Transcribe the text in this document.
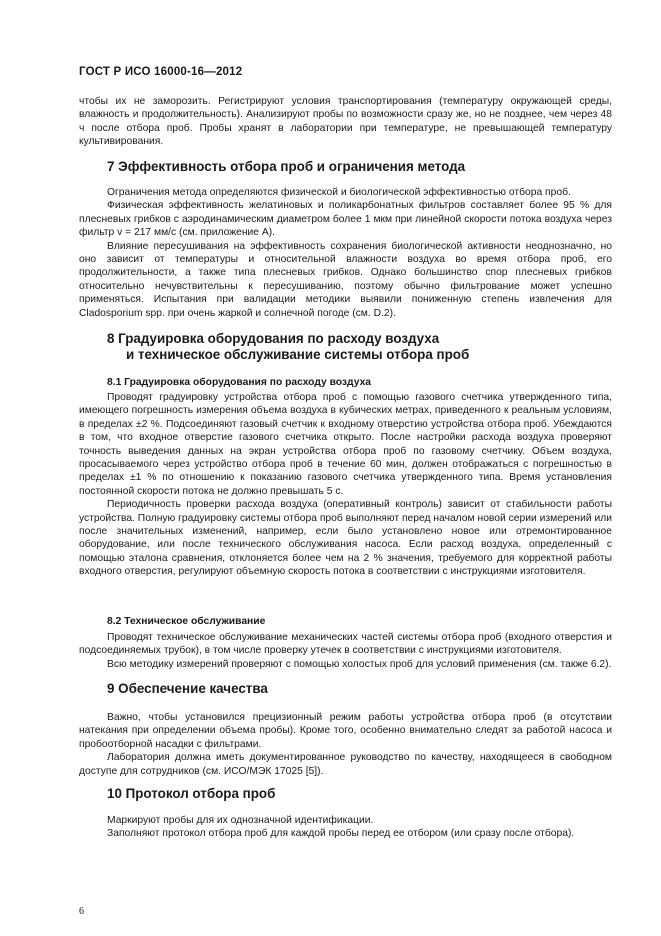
ГОСТ Р ИСО 16000-16—2012

чтобы их не заморозить. Регистрируют условия транспортирования (температуру окружающей среды, влажность и продолжительность). Анализируют пробы по возможности сразу же, но не позднее, чем через 48 ч после отбора проб. Пробы хранят в лаборатории при температуре, не превышающей температуру культивирования.

7 Эффективность отбора проб и ограничения метода

Ограничения метода определяются физической и биологической эффективностью отбора проб.

Физическая эффективность желатиновых и поликарбонатных фильтров составляет более 95 % для плесневых грибков с аэродинамическим диаметром более 1 мкм при линейной скорости потока воздуха через фильтр v = 217 мм/с (см. приложение А).

Влияние пересушивания на эффективность сохранения биологической активности неоднозначно, но оно зависит от температуры и относительной влажности воздуха во время отбора проб, его продолжительности, а также типа плесневых грибков. Однако большинство спор плесневых грибков относительно нечувствительны к пересушиванию, поэтому обычно фильтрование может успешно применяться. Испытания при валидации методики выявили пониженную степень извлечения для Cladosporium spp. при очень жаркой и солнечной погоде (см. D.2).

8 Градуировка оборудования по расходу воздуха
и техническое обслуживание системы отбора проб
8.1 Градуировка оборудования по расходу воздуха

Проводят градуировку устройства отбора проб с помощью газового счетчика утвержденного типа, имеющего погрешность измерения объема воздуха в кубических метрах, приведенного к реальным условиям, в пределах ±2 %. Подсоединяют газовый счетчик к входному отверстию устройства отбора проб. Убеждаются в том, что входное отверстие газового счетчика открыто. После настройки расхода воздуха проверяют точность выведения данных на экран устройства отбора проб по газовому счетчику. Объем воздуха, просасываемого через устройство отбора проб в течение 60 мин, должен отображаться с погрешностью в пределах ±1 % по отношению к показанию газового счетчика утвержденного типа. Время установления постоянной скорости потока не должно превышать 5 с.

Периодичность проверки расхода воздуха (оперативный контроль) зависит от стабильности работы устройства. Полную градуировку системы отбора проб выполняют перед началом новой серии измерений или после значительных изменений, например, если было установлено новое или отремонтированное оборудование, или после технического обслуживания насоса. Если расход воздуха, определенный с помощью эталона сравнения, отклоняется более чем на 2 % значения, требуемого для корректной работы входного отверстия, регулируют объемную скорость потока в соответствии с инструкциями изготовителя.

8.2 Техническое обслуживание

Проводят техническое обслуживание механических частей системы отбора проб (входного отверстия и подсоединяемых трубок), в том числе проверку утечек в соответствии с инструкциями изготовителя.

Всю методику измерений проверяют с помощью холостых проб для условий применения (см. также 6.2).

9 Обеспечение качества

Важно, чтобы установился прецизионный режим работы устройства отбора проб (в отсутствии натекания при определении объема пробы). Кроме того, особенно внимательно следят за работой насоса и пробоотборной насадки с фильтрами.

Лаборатория должна иметь документированное руководство по качеству, находящееся в свободном доступе для сотрудников (см. ИСО/МЭК 17025 [5]).

10 Протокол отбора проб

Маркируют пробы для их однозначной идентификации.

Заполняют протокол отбора проб для каждой пробы перед ее отбором (или сразу после отбора).

6
